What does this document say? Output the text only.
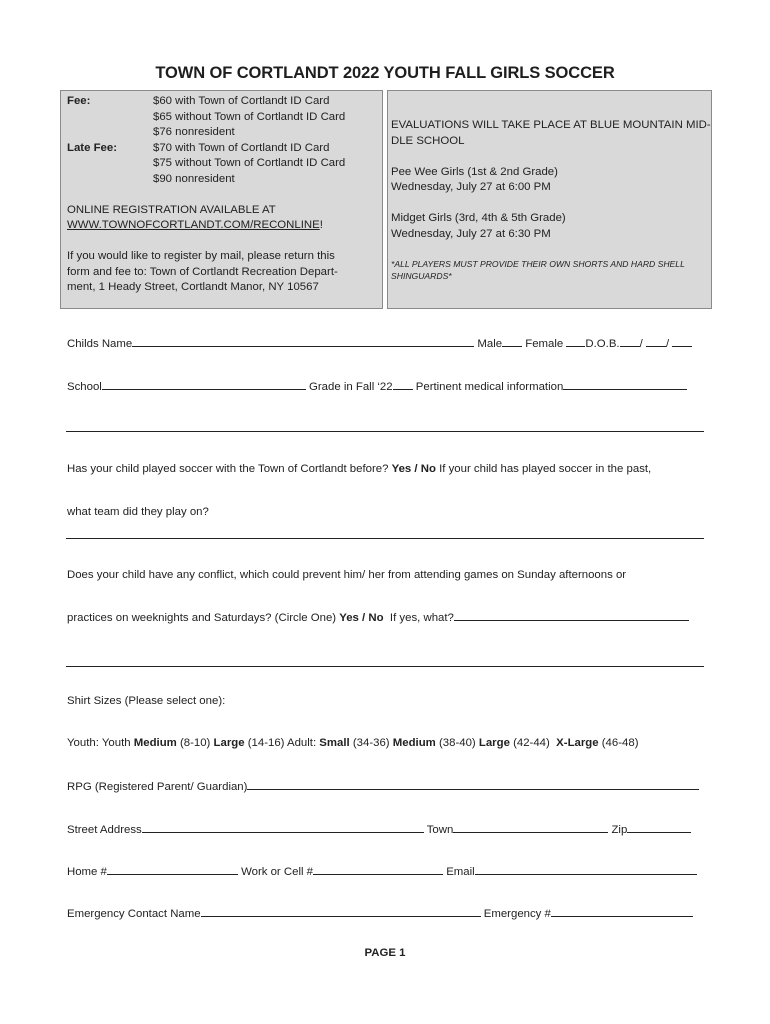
TOWN OF CORTLANDT 2022 YOUTH FALL GIRLS SOCCER
Fee:	$60 with Town of Cortlandt ID Card
$65 without Town of Cortlandt ID Card
$76 nonresident
Late Fee:	$70 with Town of Cortlandt ID Card
$75 without Town of Cortlandt ID Card
$90 nonresident
ONLINE REGISTRATION AVAILABLE AT
WWW.TOWNOFCORTLANDT.COM/RECONLINE!
If you would like to register by mail, please return this
form and fee to: Town of Cortlandt Recreation Depart-
ment, 1 Heady Street, Cortlandt Manor, NY 10567
EVALUATIONS WILL TAKE PLACE AT BLUE MOUNTAIN MID-
DLE SCHOOL
Pee Wee Girls (1st & 2nd Grade)
Wednesday, July 27 at 6:00 PM
Midget Girls (3rd, 4th & 5th Grade)
Wednesday, July 27 at 6:30 PM
*ALL PLAYERS MUST PROVIDE THEIR OWN SHORTS AND HARD SHELL
SHINGUARDS*
Childs Name	Male Female D.O.B. / /
School	Grade in Fall ‘22 Pertinent medical information
Has your child played soccer with the Town of Cortlandt before? Yes / No If your child has played soccer in the past,
what team did they play on?
Does your child have any conflict, which could prevent him/ her from attending games on Sunday afternoons or
practices on weeknights and Saturdays? (Circle One) Yes / No If yes, what?
Shirt Sizes (Please select one):
Youth: Youth Medium (8-10) Large (14-16) Adult: Small (34-36) Medium (38-40) Large (42-44) X-Large (46-48)
RPG (Registered Parent/ Guardian)
Street Address	Town	Zip
Home #	Work or Cell #	Email
Emergency Contact Name	Emergency #
PAGE 1
